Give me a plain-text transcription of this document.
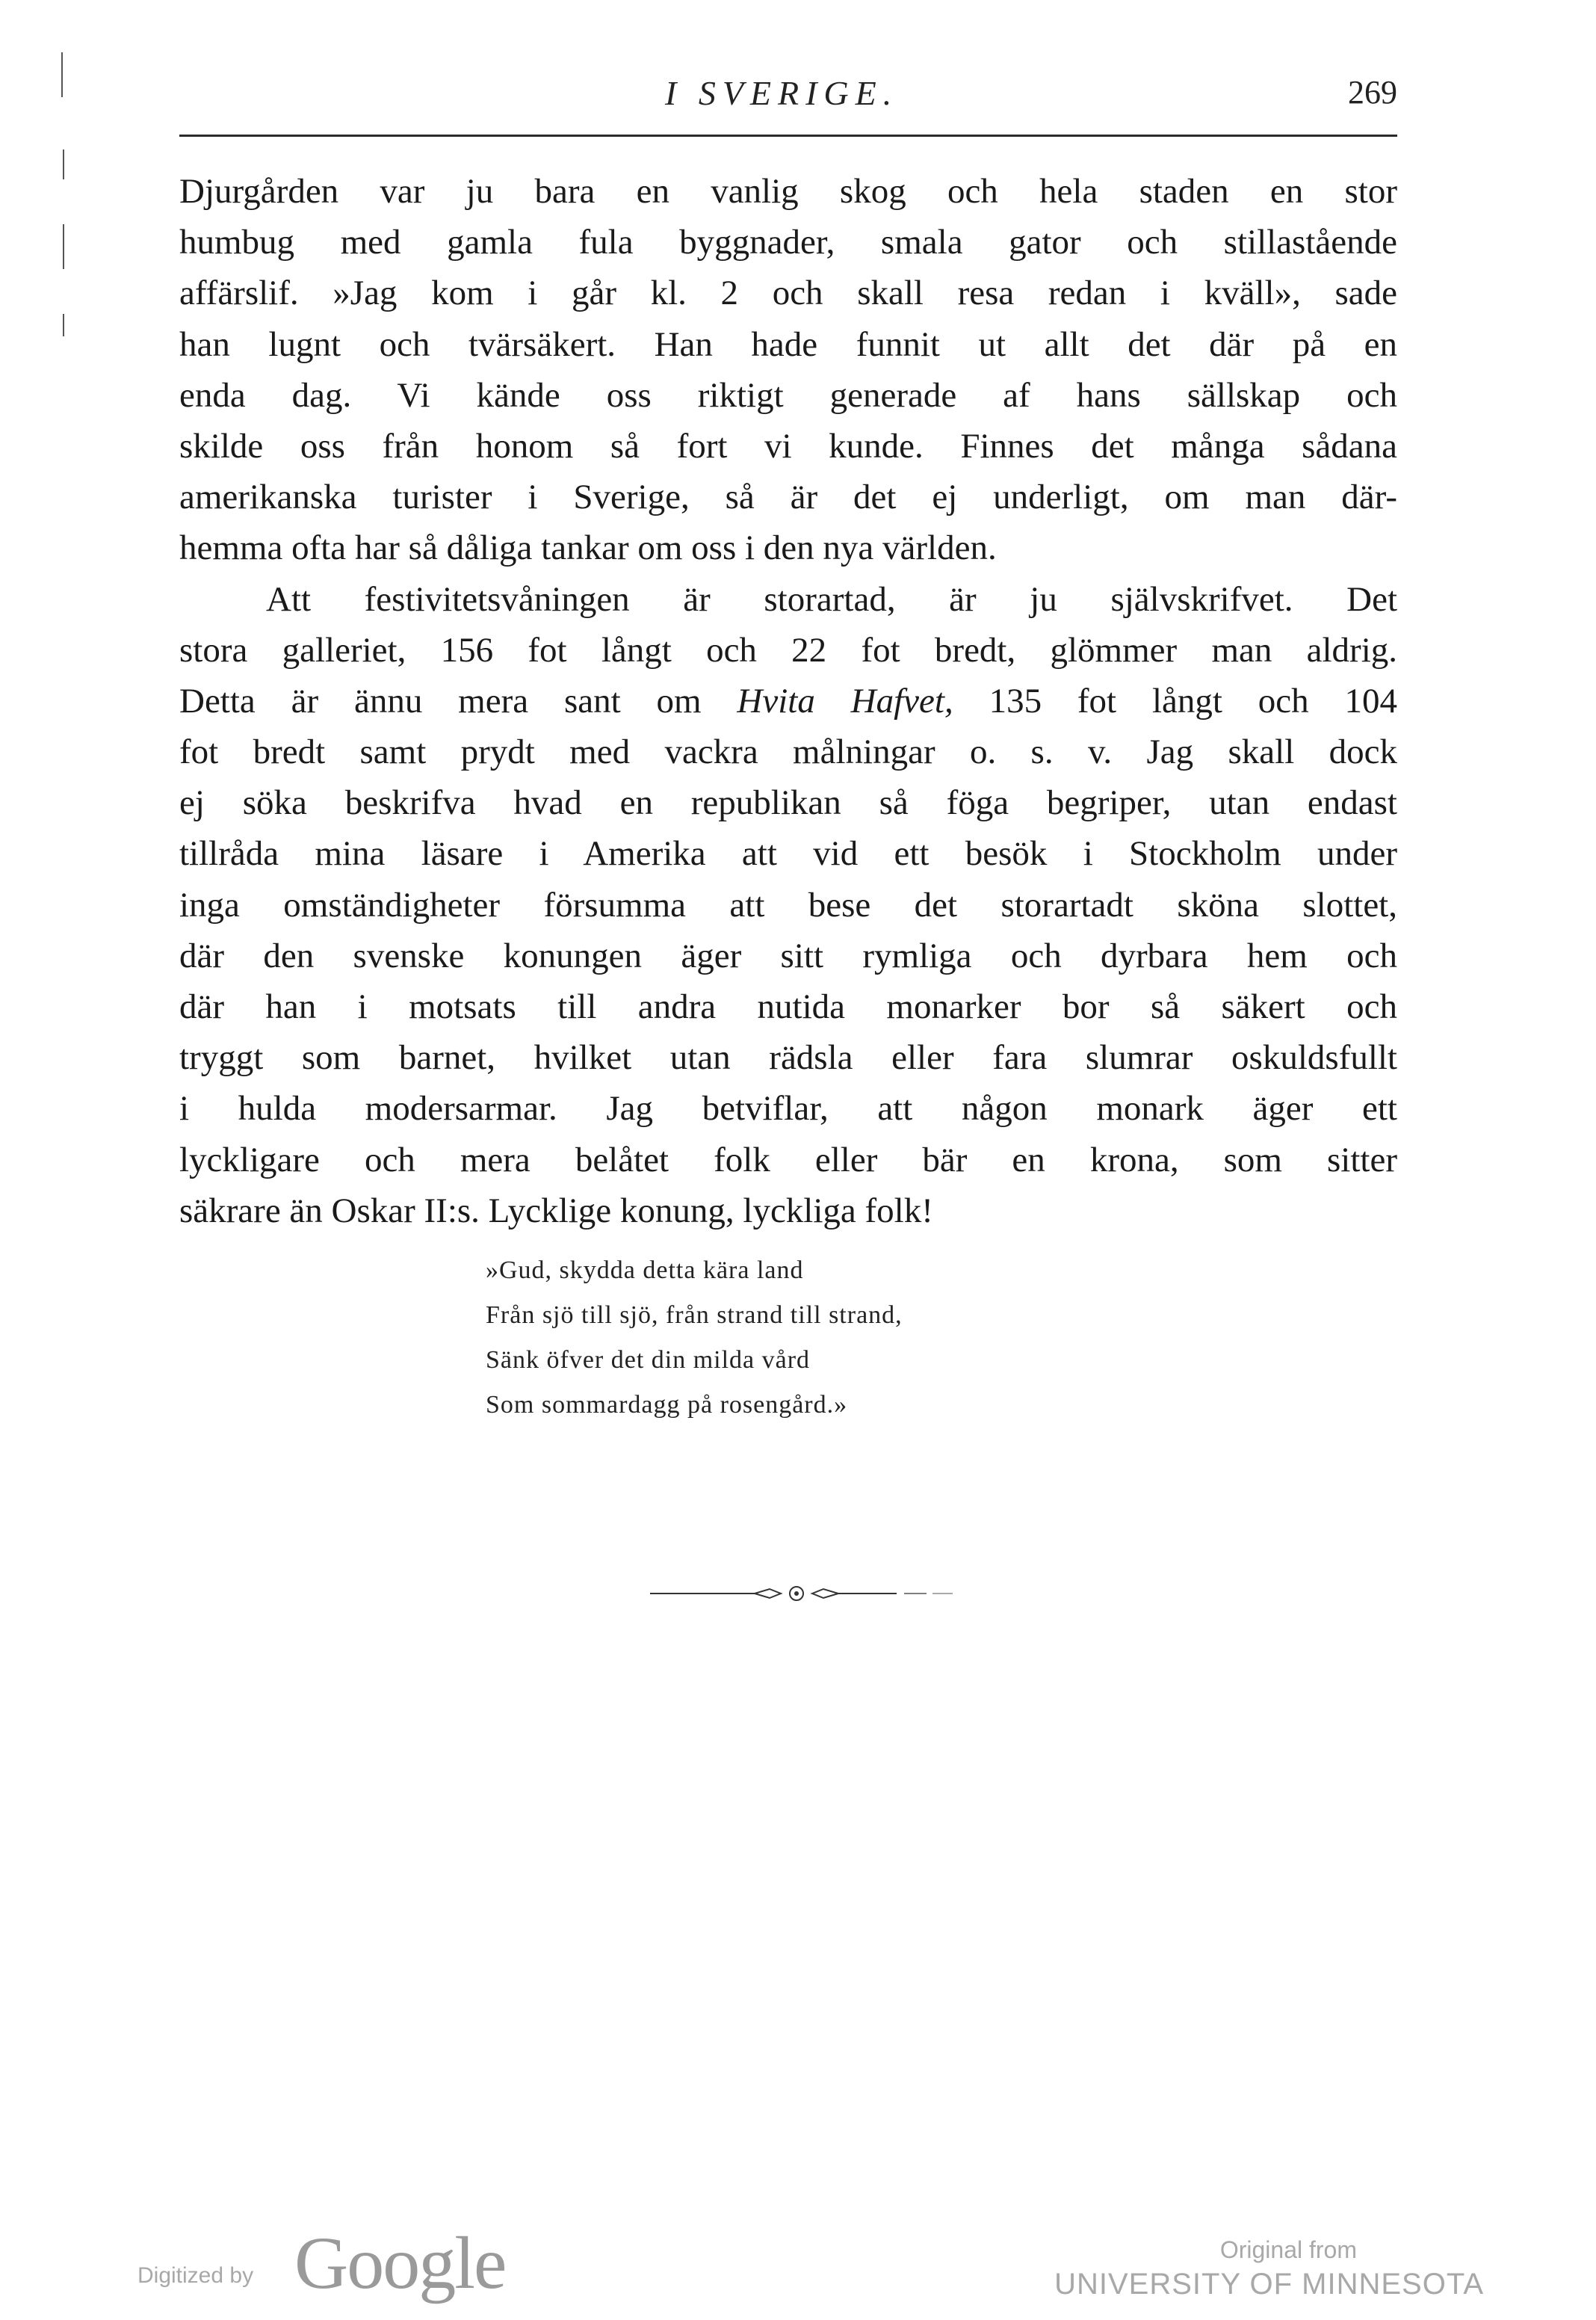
I SVERIGE.	269
Djurgården var ju bara en vanlig skog och hela staden en stor
humbug med gamla fula byggnader, smala gator och stillastående
affärslif. »Jag kom i går kl. 2 och skall resa redan i kväll», sade
han lugnt och tvärsäkert. Han hade funnit ut allt det där på en
enda dag. Vi kände oss riktigt generade af hans sällskap och
skilde oss från honom så fort vi kunde. Finnes det många sådana
amerikanska turister i Sverige, så är det ej underligt, om man där-
hemma ofta har så dåliga tankar om oss i den nya världen.
Att festivitetsvåningen är storartad, är ju självskrifvet. Det
stora galleriet, 156 fot långt och 22 fot bredt, glömmer man aldrig.
Detta är ännu mera sant om Hvita Hafvet, 135 fot långt och 104
fot bredt samt prydt med vackra målningar o. s. v. Jag skall dock
ej söka beskrifva hvad en republikan så föga begriper, utan endast
tillråda mina läsare i Amerika att vid ett besök i Stockholm under
inga omständigheter försumma att bese det storartadt sköna slottet,
där den svenske konungen äger sitt rymliga och dyrbara hem och
där han i motsats till andra nutida monarker bor så säkert och
tryggt som barnet, hvilket utan rädsla eller fara slumrar oskuldsfullt
i hulda modersarmar. Jag betviflar, att någon monark äger ett
lyckligare och mera belåtet folk eller bär en krona, som sitter
säkrare än Oskar II:s. Lycklige konung, lyckliga folk!
»Gud, skydda detta kära land
Från sjö till sjö, från strand till strand,
Sänk öfver det din milda vård
Som sommardagg på rosengård.»
Digitized by Google	Original from
UNIVERSITY OF MINNESOTA
